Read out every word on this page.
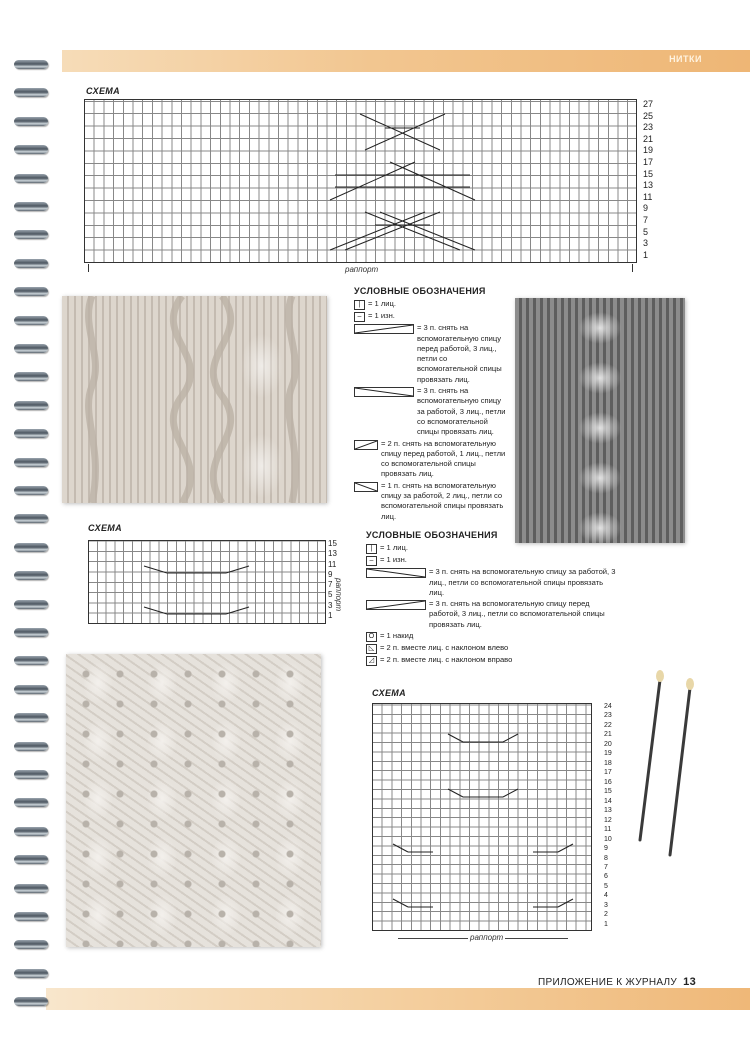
НИТКИ
СХЕМА
1
3
5
7
9
11
13
15
17
19
21
23
25
27
раппорт
УСЛОВНЫЕ ОБОЗНАЧЕНИЯ
| = 1 лиц.
– = 1 изн.
= 3 п. снять на вспомогательную спицу перед работой, 3 лиц., петли со вспомогательной спицы провязать лиц.
= 3 п. снять на вспомогательную спицу за работой, 3 лиц., петли со вспомогательной спицы провязать лиц.
= 2 п. снять на вспомогательную спицу перед работой, 1 лиц., петли со вспомогательной спицы провязать лиц.
= 1 п. снять на вспомогательную спицу за работой, 2 лиц., петли со вспомогательной спицы провязать лиц.
СХЕМА
1
3
5
7
9
11
13
15
раппорт
УСЛОВНЫЕ ОБОЗНАЧЕНИЯ
| = 1 лиц.
– = 1 изн.
= 3 п. снять на вспомогательную спицу за работой, 3 лиц., петли со вспомогательной спицы провязать лиц.
= 3 п. снять на вспомогательную спицу перед работой, 3 лиц., петли со вспомогательной спицы провязать лиц.
O = 1 накид
◺ = 2 п. вместе лиц. с наклоном влево
◿ = 2 п. вместе лиц. с наклоном вправо
СХЕМА
1
2
3
4
5
6
7
8
9
10
11
12
13
14
15
16
17
18
19
20
21
22
23
24
раппорт
ПРИЛОЖЕНИЕ К ЖУРНАЛУ 13
